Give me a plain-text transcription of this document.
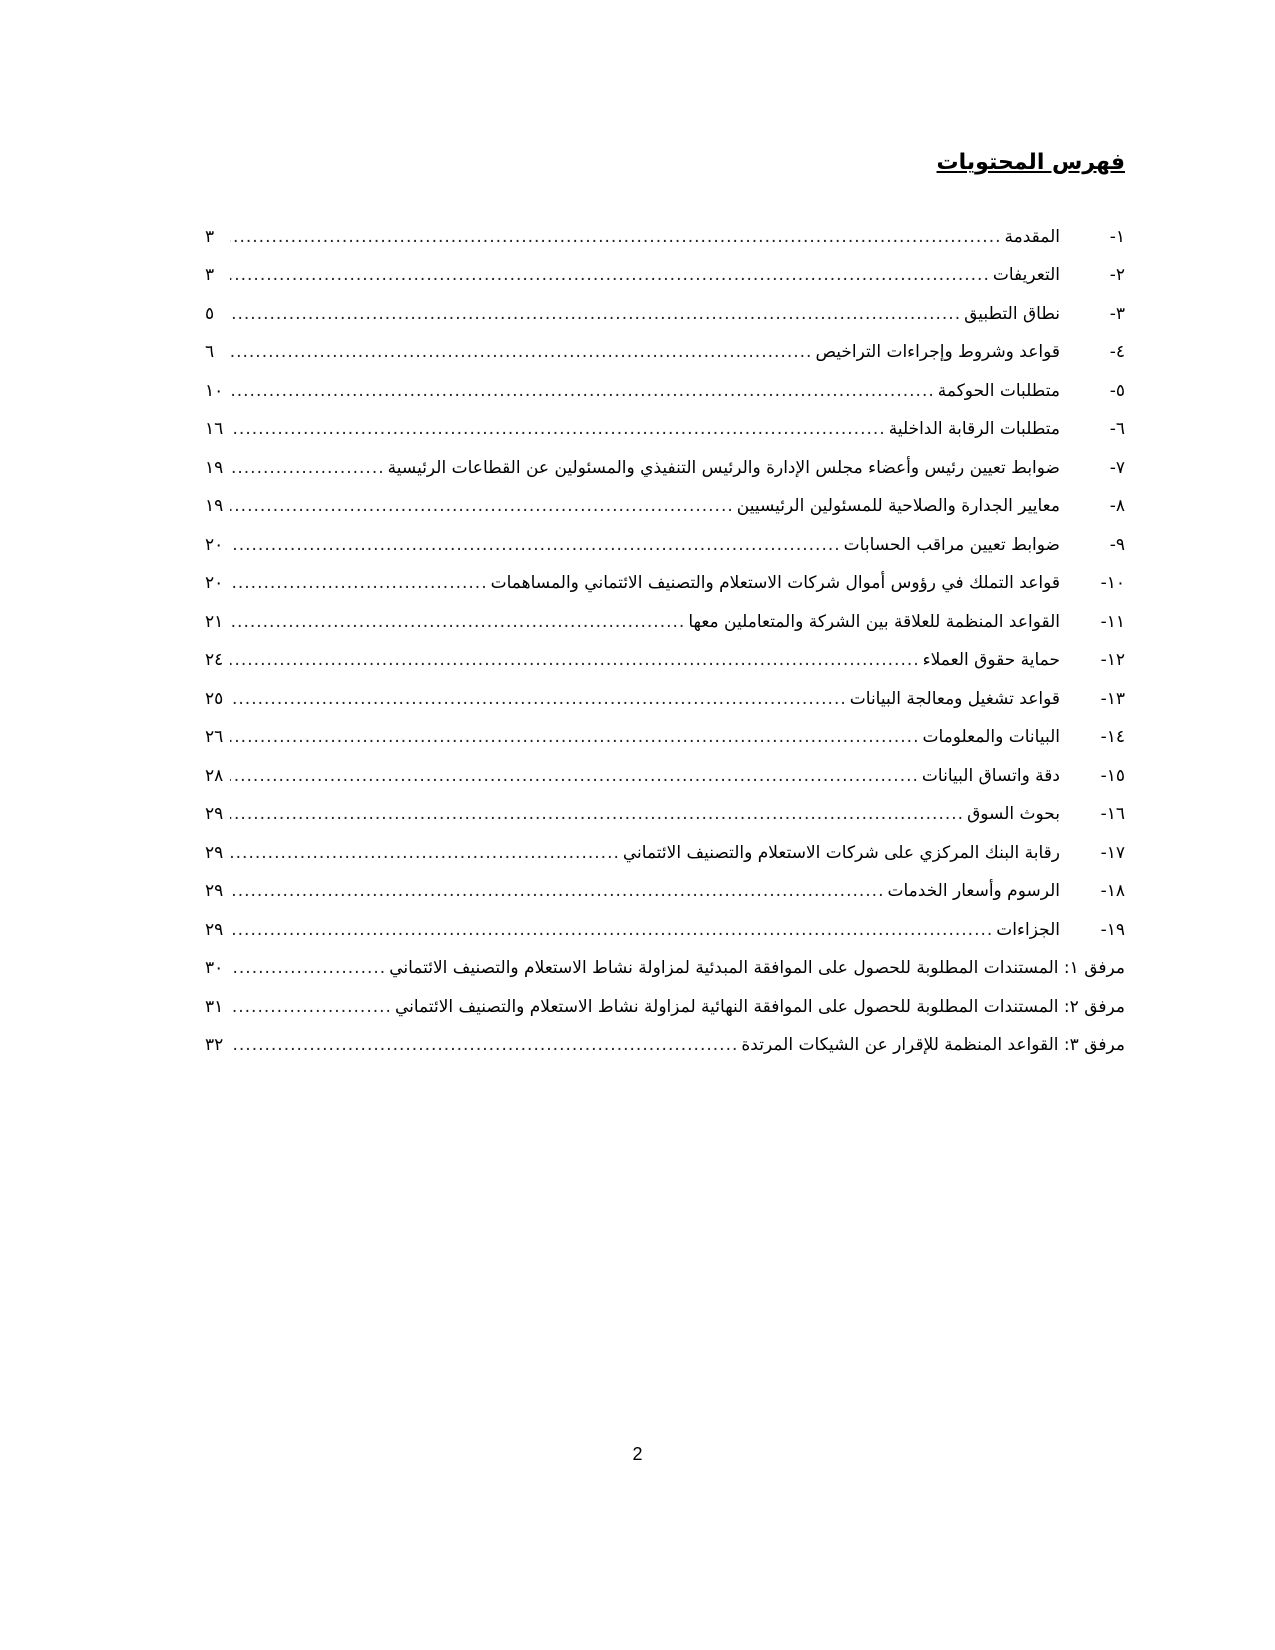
فهرس المحتويات
١-
المقدمة
.....
٣
٢-
التعريفات
.....
٣
٣-
نطاق التطبيق
.....
٥
٤-
قواعد وشروط وإجراءات التراخيص
.....
٦
٥-
متطلبات الحوكمة
.....
١٠
٦-
متطلبات الرقابة الداخلية
.....
١٦
٧-
ضوابط تعيين رئيس وأعضاء مجلس الإدارة والرئيس التنفيذي والمسئولين عن القطاعات الرئيسية
.....
١٩
٨-
معايير الجدارة والصلاحية للمسئولين الرئيسيين
.....
١٩
٩-
ضوابط تعيين مراقب الحسابات
.....
٢٠
١٠-
قواعد التملك في رؤوس أموال شركات الاستعلام والتصنيف الائتماني والمساهمات
.....
٢٠
١١-
القواعد المنظمة للعلاقة بين الشركة والمتعاملين معها
.....
٢١
١٢-
حماية حقوق العملاء
.....
٢٤
١٣-
قواعد تشغيل ومعالجة البيانات
.....
٢٥
١٤-
البيانات والمعلومات
.....
٢٦
١٥-
دقة واتساق البيانات
.....
٢٨
١٦-
بحوث السوق
.....
٢٩
١٧-
رقابة البنك المركزي على شركات الاستعلام والتصنيف الائتماني
.....
٢٩
١٨-
الرسوم وأسعار الخدمات
.....
٢٩
١٩-
الجزاءات
.....
٢٩
مرفق ١: المستندات المطلوبة للحصول على الموافقة المبدئية لمزاولة نشاط الاستعلام والتصنيف الائتماني
.....
٣٠
مرفق ٢: المستندات المطلوبة للحصول على الموافقة النهائية لمزاولة نشاط الاستعلام والتصنيف الائتماني
.....
٣١
مرفق ٣: القواعد المنظمة للإقرار عن الشيكات المرتدة
.....
٣٢
2
